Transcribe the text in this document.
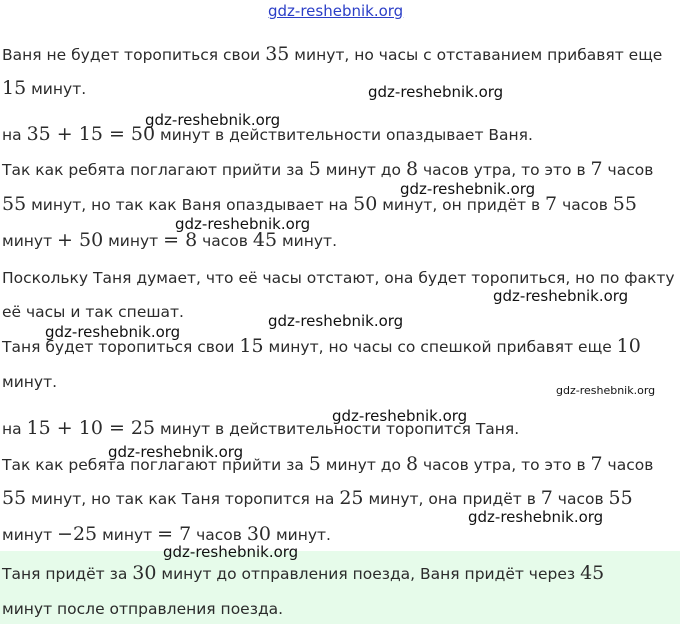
Ваня не будет торопиться свои 35 минут, но часы с отставанием прибавят еще
15 минут.
на 35 + 15 = 50 минут в действительности опаздывает Ваня.
Так как ребята поглагают прийти за 5 минут до 8 часов утра, то это в 7 часов
55 минут, но так как Ваня опаздывает на 50 минут, он придёт в 7 часов 55
минут + 50 минут = 8 часов 45 минут.
Поскольку Таня думает, что её часы отстают, она будет торопиться, но по факту
её часы и так спешат.
Таня будет торопиться свои 15 минут, но часы со спешкой прибавят еще 10
минут.
на 15 + 10 = 25 минут в действительности торопится Таня.
Так как ребята поглагают прийти за 5 минут до 8 часов утра, то это в 7 часов
55 минут, но так как Таня торопится на 25 минут, она придёт в 7 часов 55
минут −25 минут = 7 часов 30 минут.
Таня придёт за 30 минут до отправления поезда, Ваня придёт через 45
минут после отправления поезда.
gdz-reshebnik.org
gdz-reshebnik.org
gdz-reshebnik.org
gdz-reshebnik.org
gdz-reshebnik.org
gdz-reshebnik.org
gdz-reshebnik.org
gdz-reshebnik.org
gdz-reshebnik.org
gdz-reshebnik.org
gdz-reshebnik.org
gdz-reshebnik.org
gdz-reshebnik.org
